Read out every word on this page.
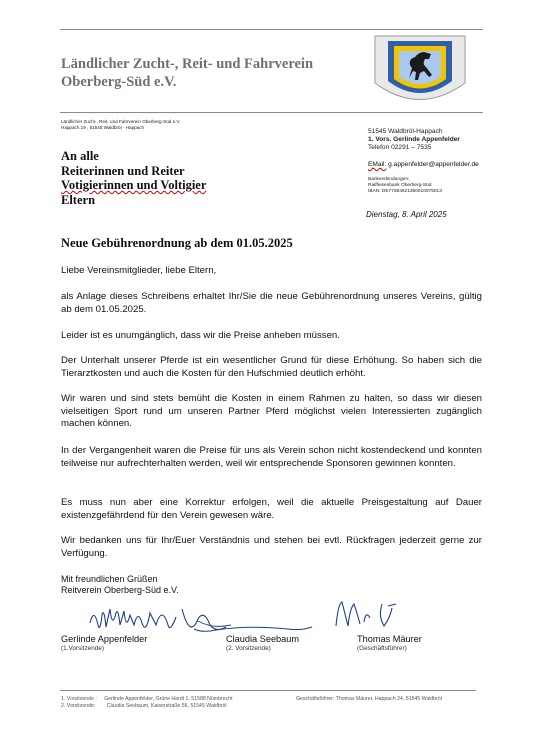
Ländlicher Zucht-, Reit- und Fahrverein
Oberberg-Süd e.V.
Ländlicher Zucht-, Reit- und Fahrverein Oberberg-Süd e.V.
Happach 19 , 51545 Waldbröl - Happach
An alle
Reiterinnen und Reiter
Votigierinnen und Voltigier
Eltern
51545 Waldbröl-Happach
1. Vors. Gerlinde Appenfelder
Telefon 02291 – 7535
EMail: g.appenfelder@appenfelder.de
Bankverbindungen:
Raiffeisenbank Oberberg-Süd
IBAN: DE77384621350010075013
Dienstag, 8. April 2025
Neue Gebührenordnung ab dem 01.05.2025
Liebe Vereinsmitglieder, liebe Eltern,
als Anlage dieses Schreibens erhaltet Ihr/Sie die neue Gebührenordnung unseres Vereins, gültig ab dem 01.05.2025.
Leider ist es unumgänglich, dass wir die Preise anheben müssen.
Der Unterhalt unserer Pferde ist ein wesentlicher Grund für diese Erhöhung. So haben sich die Tierarztkosten und auch die Kosten für den Hufschmied deutlich erhöht.
Wir waren und sind stets bemüht die Kosten in einem Rahmen zu halten, so dass wir diesen vielseitigen Sport rund um unseren Partner Pferd möglichst vielen Interessierten zugänglich machen können.
In der Vergangenheit waren die Preise für uns als Verein schon nicht kostendeckend und konnten teilweise nur aufrechterhalten werden, weil wir entsprechende Sponsoren gewinnen konnten.
Es muss nun aber eine Korrektur erfolgen, weil die aktuelle Preisgestaltung auf Dauer existenzgefährdend für den Verein gewesen wäre.
Wir bedanken uns für Ihr/Euer Verständnis und stehen bei evtl. Rückfragen jederzeit gerne zur Verfügung.
Mit freundlichen Grüßen
Reitverein Oberberg-Süd e.V.
Gerlinde Appenfelder
(1.Vorsitzende)
Claudia Seebaum
(2. Vorsitzende)
Thomas Mäurer
(Geschäftsführer)
1. Vorsitzende : Gerlinde Appenfelder, Grüne Hardt 1, 51588 Nümbrecht
2. Vorsitzende: Claudia Seebaum, Kaiserstraße 56, 51545 Waldbröl
Geschäftsführer: Thomas Mäurer, Happach 24, 51545 Waldbröl
